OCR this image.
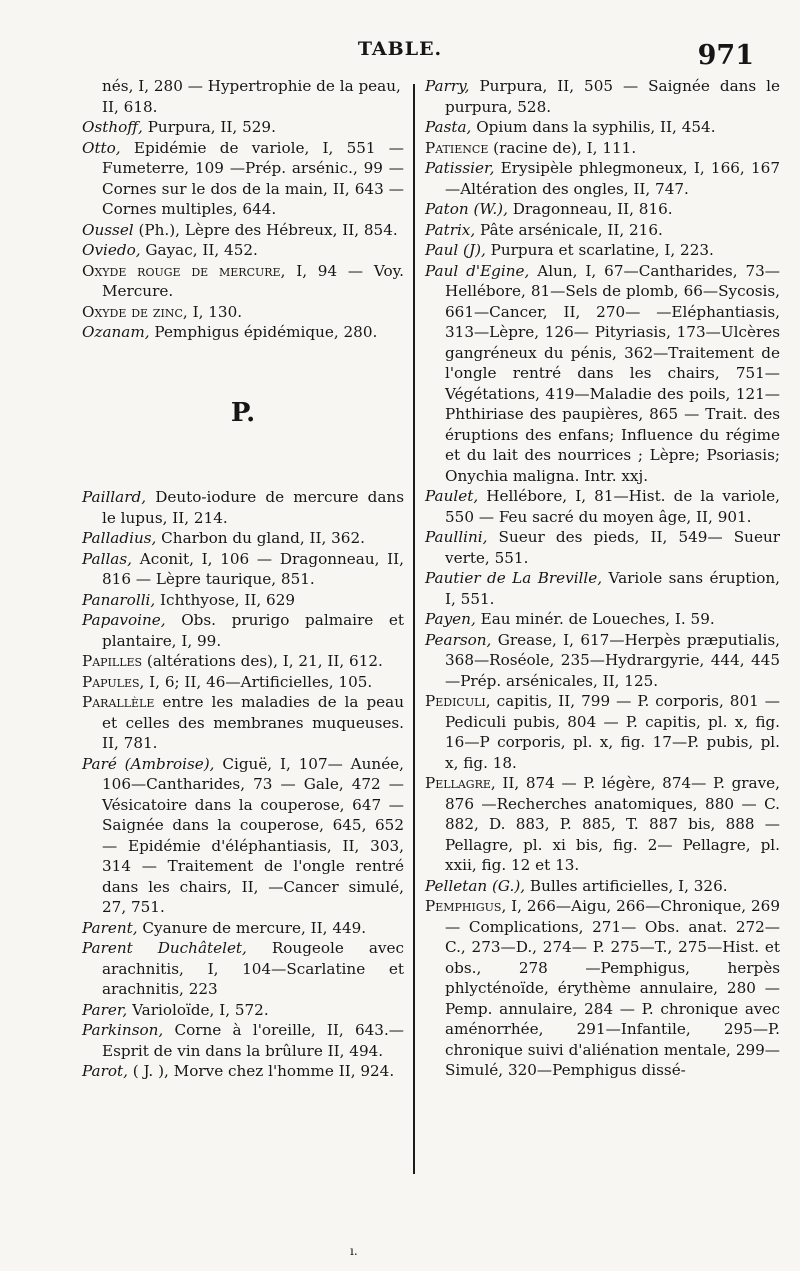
TABLE.	971
nés, I, 280 — Hypertrophie de la peau, II, 618.
Osthoff, Purpura, II, 529.
Otto, Epidémie de variole, I, 551 — Fumeterre, 109 —Prép. arsénic., 99 — Cornes sur le dos de la main, II, 643 — Cornes multiples, 644.
Oussel (Ph.), Lèpre des Hébreux, II, 854.
Oviedo, Gayac, II, 452.
Oxyde rouge de mercure, I, 94 — Voy. Mercure.
Oxyde de zinc, I, 130.
Ozanam, Pemphigus épidémique, 280.
P.
Paillard, Deuto-iodure de mercure dans le lupus, II, 214.
Palladius, Charbon du gland, II, 362.
Pallas, Aconit, I, 106 — Dragonneau, II, 816 — Lèpre taurique, 851.
Panarolli, Ichthyose, II, 629
Papavoine, Obs. prurigo palmaire et plantaire, I, 99.
Papilles (altérations des), I, 21, II, 612.
Papules, I, 6; II, 46—Artificielles, 105.
Parallèle entre les maladies de la peau et celles des membranes muqueuses. II, 781.
Paré (Ambroise), Ciguë, I, 107— Aunée, 106—Cantharides, 73 — Gale, 472 — Vésicatoire dans la couperose, 647 — Saignée dans la couperose, 645, 652 — Epidémie d'éléphantiasis, II, 303, 314 — Traitement de l'ongle rentré dans les chairs, II, —Cancer simulé, 27, 751.
Parent, Cyanure de mercure, II, 449.
Parent Duchâtelet, Rougeole avec arachnitis, I, 104—Scarlatine et arachnitis, 223
Parer, Varioloïde, I, 572.
Parkinson, Corne à l'oreille, II, 643.— Esprit de vin dans la brûlure II, 494.
Parot, ( J. ), Morve chez l'homme II, 924.
Parry, Purpura, II, 505 — Saignée dans le purpura, 528.
Pasta, Opium dans la syphilis, II, 454.
Patience (racine de), I, 111.
Patissier, Erysipèle phlegmoneux, I, 166, 167—Altération des ongles, II, 747.
Paton (W.), Dragonneau, II, 816.
Patrix, Pâte arsénicale, II, 216.
Paul (J), Purpura et scarlatine, I, 223.
Paul d'Egine, Alun, I, 67—Cantharides, 73—Hellébore, 81—Sels de plomb, 66—Sycosis, 661—Cancer, II, 270— —Eléphantiasis, 313—Lèpre, 126— Pityriasis, 173—Ulcères gangréneux du pénis, 362—Traitement de l'ongle rentré dans les chairs, 751—Végétations, 419—Maladie des poils, 121— Phthiriase des paupières, 865 — Trait. des éruptions des enfans; Influence du régime et du lait des nourrices ; Lèpre; Psoriasis; Onychia maligna. Intr. xxj.
Paulet, Hellébore, I, 81—Hist. de la variole, 550 — Feu sacré du moyen âge, II, 901.
Paullini, Sueur des pieds, II, 549— Sueur verte, 551.
Pautier de La Breville, Variole sans éruption, I, 551.
Payen, Eau minér. de Loueches, I. 59.
Pearson, Grease, I, 617—Herpès præputialis, 368—Roséole, 235—Hydrargyrie, 444, 445 —Prép. arsénicales, II, 125.
Pediculi, capitis, II, 799 — P. corporis, 801 —Pediculi pubis, 804 — P. capitis, pl. x, fig. 16—P corporis, pl. x, fig. 17—P. pubis, pl. x, fig. 18.
Pellagre, II, 874 — P. légère, 874— P. grave, 876 —Recherches anatomiques, 880 — C. 882, D. 883, P. 885, T. 887 bis, 888 —Pellagre, pl. xi bis, fig. 2— Pellagre, pl. xxii, fig. 12 et 13.
Pelletan (G.), Bulles artificielles, I, 326.
Pemphigus, I, 266—Aigu, 266—Chronique, 269 — Complications, 271— Obs. anat. 272—C., 273—D., 274— P. 275—T., 275—Hist. et obs., 278 —Pemphigus, herpès phlycténoïde, érythème annulaire, 280 — Pemp. annulaire, 284 — P. chronique avec aménorrhée, 291—Infantile, 295—P. chronique suivi d'aliénation mentale, 299—Simulé, 320—Pemphigus dissé-
ı.
